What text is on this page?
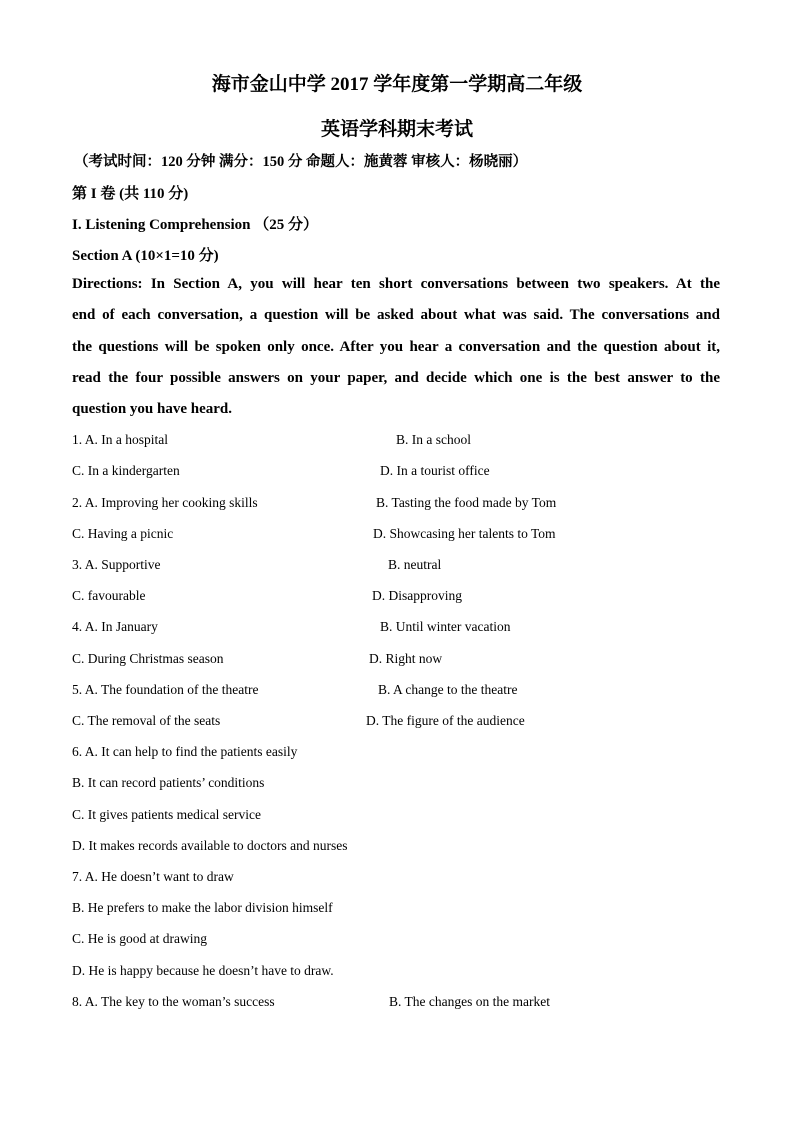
海市金山中学 2017 学年度第一学期高二年级
英语学科期末考试
（考试时间：120 分钟 满分：150 分 命题人：施黄蓉 审核人：杨晓丽）
第 I 卷 (共 110 分)
I. Listening Comprehension （25 分）
Section A (10×1=10 分)
Directions: In Section A, you will hear ten short conversations between two speakers. At the
end of each conversation, a question will be asked about what was said. The conversations and
the questions will be spoken only once. After you hear a conversation and the question about it,
read the four possible answers on your paper, and decide which one is the best answer to the
question you have heard.
1. A. In a hospital	B. In a school
C. In a kindergarten	D. In a tourist office
2. A. Improving her cooking skills	B. Tasting the food made by Tom
C. Having a picnic	D. Showcasing her talents to Tom
3. A. Supportive	B. neutral
C. favourable	D. Disapproving
4. A. In January	B. Until winter vacation
C. During Christmas season	D. Right now
5. A. The foundation of the theatre	B. A change to the theatre
C. The removal of the seats	D. The figure of the audience
6. A. It can help to find the patients easily
B. It can record patients’ conditions
C. It gives patients medical service
D. It makes records available to doctors and nurses
7. A. He doesn’t want to draw
B. He prefers to make the labor division himself
C. He is good at drawing
D. He is happy because he doesn’t have to draw.
8. A. The key to the woman’s success	B. The changes on the market
